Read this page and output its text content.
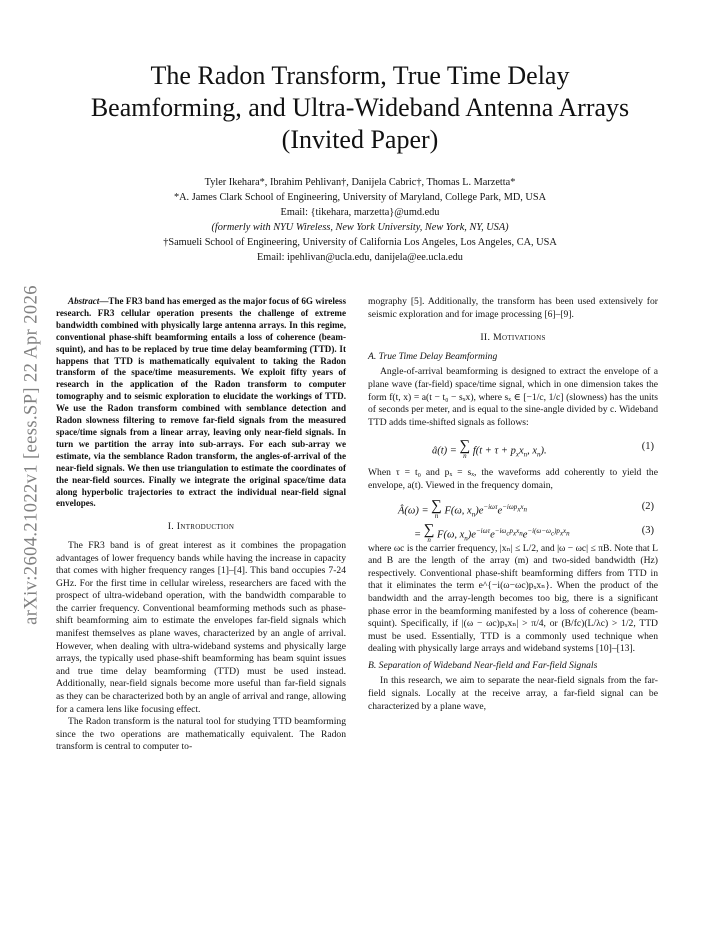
arXiv:2604.21022v1 [eess.SP] 22 Apr 2026
The Radon Transform, True Time Delay
Beamforming, and Ultra-Wideband Antenna Arrays
(Invited Paper)
Tyler Ikehara*, Ibrahim Pehlivan†, Danijela Cabric†, Thomas L. Marzetta*
*A. James Clark School of Engineering, University of Maryland, College Park, MD, USA
Email: {tikehara, marzetta}@umd.edu
(formerly with NYU Wireless, New York University, New York, NY, USA)
†Samueli School of Engineering, University of California Los Angeles, Los Angeles, CA, USA
Email: ipehlivan@ucla.edu, danijela@ee.ucla.edu

Abstract—The FR3 band has emerged as the major focus of 6G wireless research. FR3 cellular operation presents the challenge of extreme bandwidth combined with physically large antenna arrays. In this regime, conventional phase-shift beamforming entails a loss of coherence (beam-squint), and has to be replaced by true time delay beamforming (TTD). It happens that TTD is mathematically equivalent to taking the Radon transform of the space/time measurements. We exploit fifty years of research in the application of the Radon transform to computer tomography and to seismic exploration to elucidate the workings of TTD. We use the Radon transform combined with semblance detection and Radon slowness filtering to remove far-field signals from the measured space/time signals from a linear array, leaving only near-field signals. In turn we partition the array into sub-arrays. For each sub-array we estimate, via the semblance Radon transform, the angles-of-arrival of the near-field signals. We then use triangulation to estimate the coordinates of the near-field sources. Finally we integrate the original space/time data along hyperbolic trajectories to extract the individual near-field signal envelopes.

I. Introduction

The FR3 band is of great interest as it combines the propagation advantages of lower frequency bands while having the increase in capacity that comes with higher frequency ranges [1]–[4]. This band occupies 7-24 GHz. For the first time in cellular wireless, researchers are faced with the prospect of ultra-wideband operation, with the bandwidth comparable to the carrier frequency. Conventional beamforming methods such as phase-shift beamforming aim to estimate the envelopes far-field signals which manifest themselves as plane waves, characterized by an angle of arrival. However, when dealing with ultra-wideband systems and physically large arrays, the typically used phase-shift beamforming has beam squint issues and true time delay beamforming (TTD) must be used instead. Additionally, near-field signals become more useful than far-field signals as they can be characterized both by an angle of arrival and range, allowing for a camera lens like focusing effect.

The Radon transform is the natural tool for studying TTD beamforming since the two operations are mathematically equivalent. The Radon transform is central to computer to-

mography [5]. Additionally, the transform has been used extensively for seismic exploration and for image processing [6]–[9].

II. Motivations
A. True Time Delay Beamforming

Angle-of-arrival beamforming is designed to extract the envelope of a plane wave (far-field) space/time signal, which in one dimension takes the form f(t, x) = a(t − t₀ − sₓx), where sₓ ∈ [−1/c, 1/c] (slowness) has the units of seconds per meter, and is equal to the sine-angle divided by c. Wideband TTD adds time-shifted signals as follows:

â(t) = ∑
n $f(t + \tau + p_xx_n$, $x_n$).	(1)

When τ = t₀ and pₓ = sₓ, the waveforms add coherently to yield the envelope, a(t). Viewed in the frequency domain,

Â(ω) = ∑
n F(ω, $x_n)e^{-i\omega\tau}e^{-i\omega p_xx_n}$	(2)
= ∑
n F(ω, $x_n)e^{-i\omega\tau}e^{-i\omega_cp_xx_n}e^{-i(\omega-\omega_c)p_xx_n}$	(3)

where ωc is the carrier frequency, |xₙ| ≤ L/2, and |ω − ωc| ≤ πB. Note that L and B are the length of the array (m) and two-sided bandwidth (Hz) respectively. Conventional phase-shift beamforming differs from TTD in that it eliminates the term e^{−i(ω−ωc)pₓxₙ}. When the product of the bandwidth and the array-length becomes too big, there is a significant phase error in the beamforming manifested by a loss of coherence (beam-squint). Specifically, if |(ω − ωc)pₓxₙ| > π/4, or (B/fc)(L/λc) > 1/2, TTD must be used. Essentially, TTD is a commonly used technique when dealing with physically large arrays and wideband systems [10]–[13].

B. Separation of Wideband Near-field and Far-field Signals

In this research, we aim to separate the near-field signals from the far-field signals. Locally at the receive array, a far-field signal can be characterized by a plane wave,
